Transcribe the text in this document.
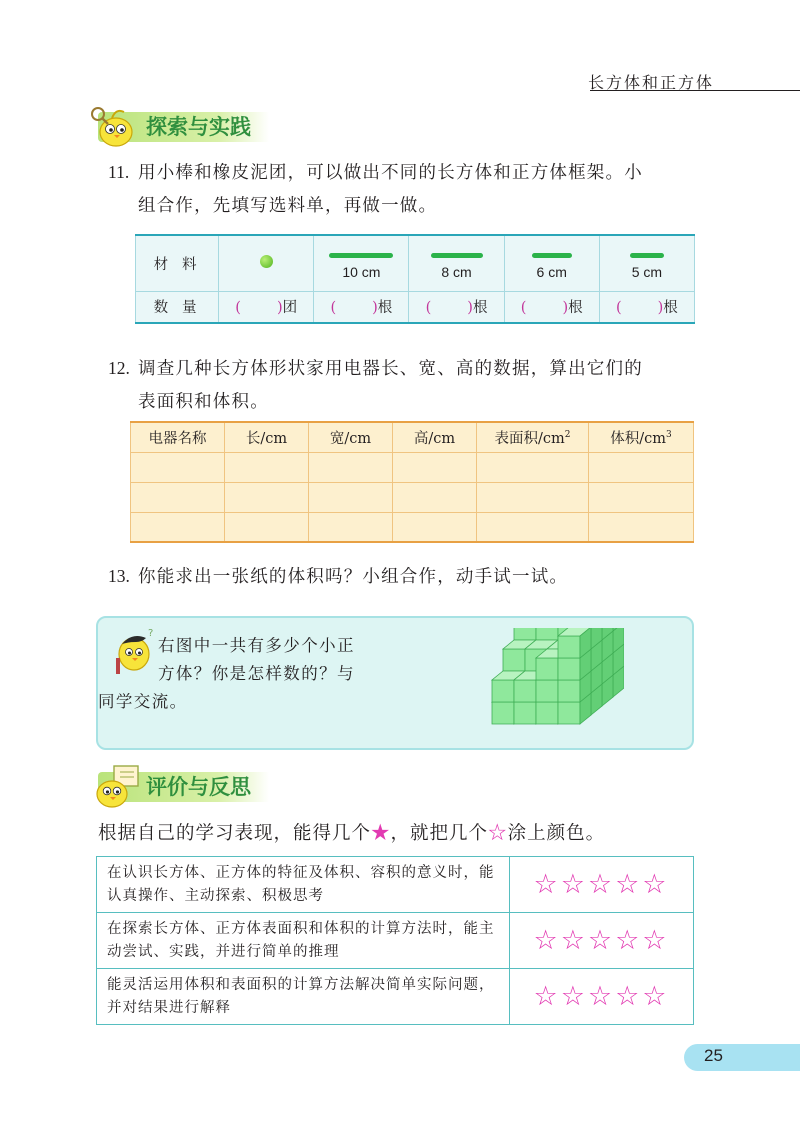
长方体和正方体
探索与实践
11. 用小棒和橡皮泥团，可以做出不同的长方体和正方体框架。小
组合作，先填写选料单，再做一做。
材料		10 cm	8 cm	6 cm	5 cm
数量	( )团	( )根	( )根	( )根	( )根
12. 调查几种长方体形状家用电器长、宽、高的数据，算出它们的
表面积和体积。
电器名称	长/cm	宽/cm	高/cm	表面积$/cm^2$	体积$/cm^3$

13. 你能求出一张纸的体积吗？小组合作，动手试一试。
?
右图中一共有多少个小正
方体？你是怎样数的？与
同学交流。
评价与反思
根据自己的学习表现，能得几个★，就把几个☆涂上颜色。
在认识长方体、正方体的特征及体积、容积的意义时，能认真操作、主动探索、积极思考	☆☆☆☆☆
在探索长方体、正方体表面积和体积的计算方法时，能主动尝试、实践，并进行简单的推理	☆☆☆☆☆
能灵活运用体积和表面积的计算方法解决简单实际问题，并对结果进行解释	☆☆☆☆☆
25
